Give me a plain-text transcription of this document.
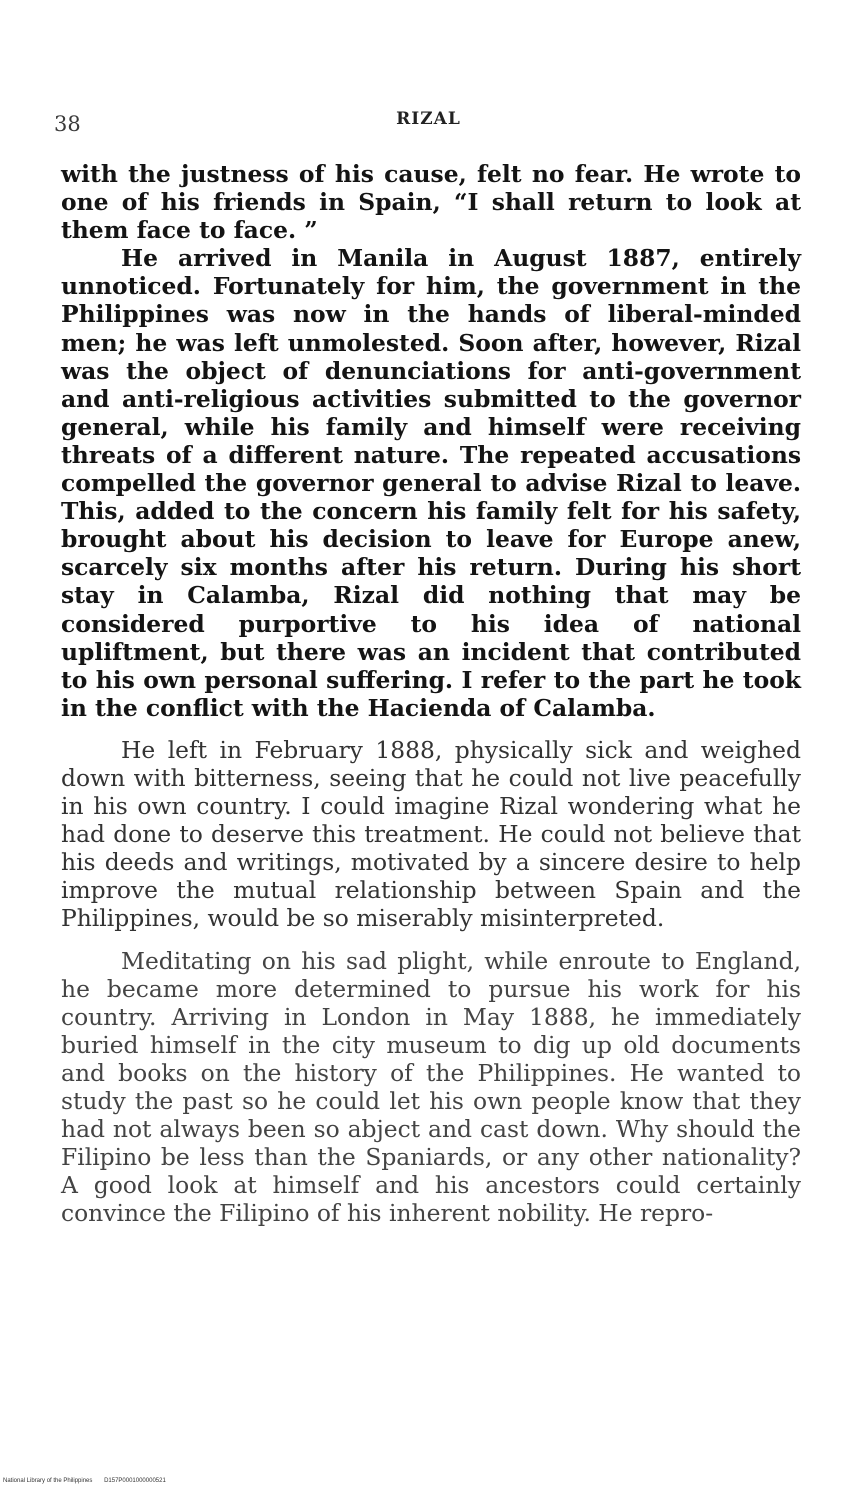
38	RIZAL

with the justness of his cause, felt no fear. He wrote to one of his friends in Spain, “I shall return to look at them face to face. ”

He arrived in Manila in August 1887, entirely unnoticed. Fortunately for him, the government in the Philippines was now in the hands of liberal-minded men; he was left unmolested. Soon after, however, Rizal was the object of denunciations for anti-government and anti-religious activities submitted to the governor general, while his family and himself were receiving threats of a different nature. The repeated accusations compelled the governor general to advise Rizal to leave. This, added to the concern his family felt for his safety, brought about his decision to leave for Europe anew, scarcely six months after his return. During his short stay in Calamba, Rizal did nothing that may be considered purportive to his idea of national upliftment, but there was an incident that contributed to his own personal suffering. I refer to the part he took in the conflict with the Hacienda of Calamba.

He left in February 1888, physically sick and weighed down with bitterness, seeing that he could not live peacefully in his own country. I could imagine Rizal wondering what he had done to deserve this treatment. He could not believe that his deeds and writings, motivated by a sincere desire to help improve the mutual relationship between Spain and the Philippines, would be so miserably misinterpreted.

Meditating on his sad plight, while enroute to England, he became more determined to pursue his work for his country. Arriving in London in May 1888, he immediately buried himself in the city museum to dig up old documents and books on the history of the Philippines. He wanted to study the past so he could let his own people know that they had not always been so abject and cast down. Why should the Filipino be less than the Spaniards, or any other nationality? A good look at himself and his ancestors could certainly convince the Filipino of his inherent nobility. He repro-

National Library of the Philippines D157P0001000000521
